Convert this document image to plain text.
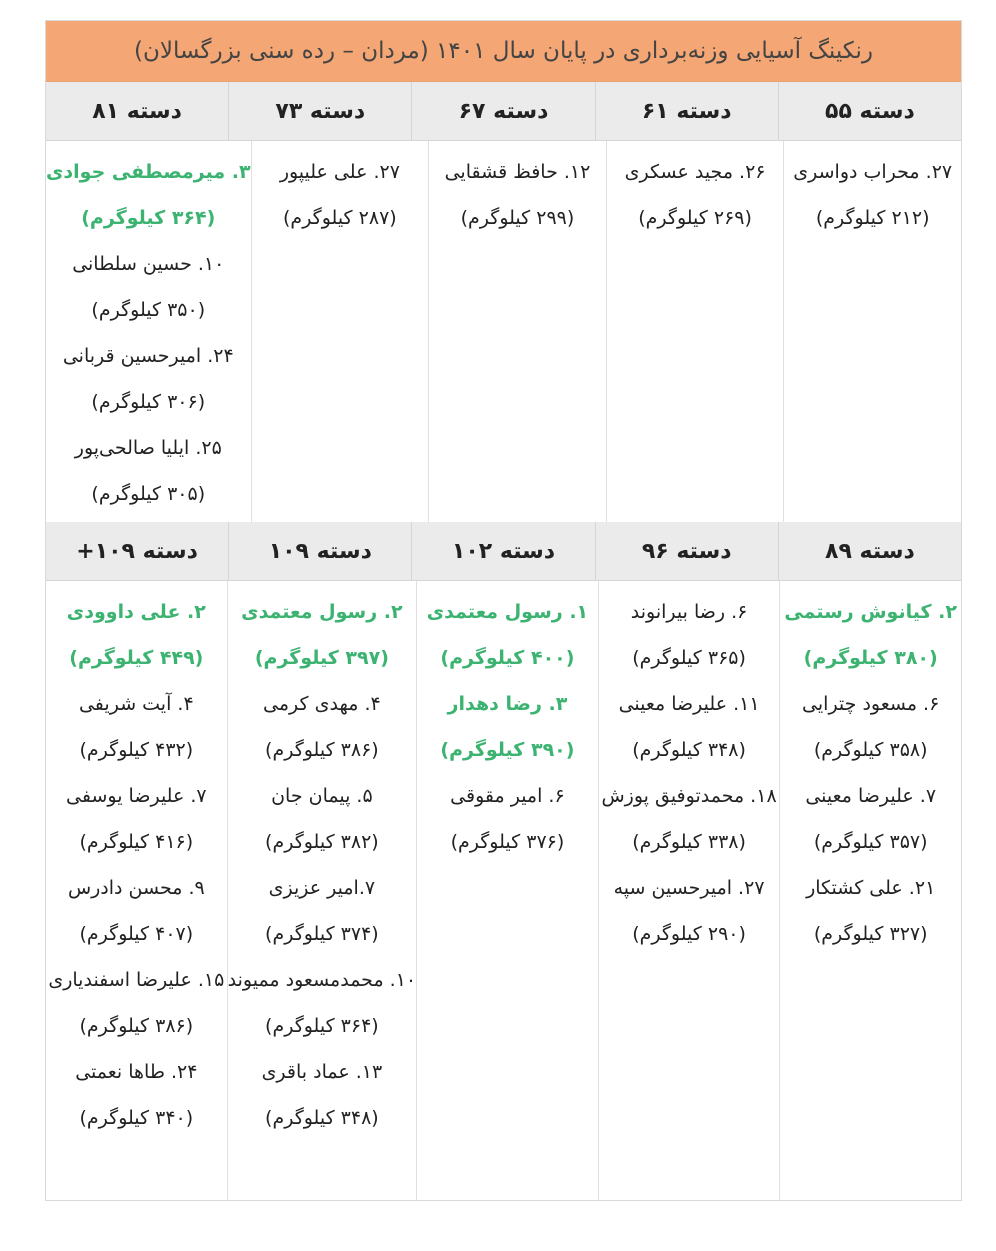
رنکینگ آسیایی وزنه‌برداری در پایان سال ۱۴۰۱ (مردان – رده سنی بزرگسالان)
دسته ۵۵
دسته ۶۱
دسته ۶۷
دسته ۷۳
دسته ۸۱
۲۷. محراب دواسری
(۲۱۲ کیلوگرم)
۲۶. مجید عسکری
(۲۶۹ کیلوگرم)
۱۲. حافظ قشقایی
(۲۹۹ کیلوگرم)
۲۷. علی علیپور
(۲۸۷ کیلوگرم)
۳. میرمصطفی جوادی
(۳۶۴ کیلوگرم)
۱۰. حسین سلطانی
(۳۵۰ کیلوگرم)
۲۴. امیرحسین قربانی
(۳۰۶ کیلوگرم)
۲۵. ایلیا صالحی‌پور
(۳۰۵ کیلوگرم)
دسته ۸۹
دسته ۹۶
دسته ۱۰۲
دسته ۱۰۹
دسته ۱۰۹+
۲. کیانوش رستمی
(۳۸۰ کیلوگرم)
۶. مسعود چترایی
(۳۵۸ کیلوگرم)
۷. علیرضا معینی
(۳۵۷ کیلوگرم)
۲۱. علی کشتکار
(۳۲۷ کیلوگرم)
۶. رضا بیرانوند
(۳۶۵ کیلوگرم)
۱۱. علیرضا معینی
(۳۴۸ کیلوگرم)
۱۸. محمدتوفیق پوزش
(۳۳۸ کیلوگرم)
۲۷. امیرحسین سپه
(۲۹۰ کیلوگرم)
۱. رسول معتمدی
(۴۰۰ کیلوگرم)
۳. رضا دهدار
(۳۹۰ کیلوگرم)
۶. امیر مقوقی
(۳۷۶ کیلوگرم)
۲. رسول معتمدی
(۳۹۷ کیلوگرم)
۴. مهدی کرمی
(۳۸۶ کیلوگرم)
۵. پیمان جان
(۳۸۲ کیلوگرم)
۷.امیر عزیزی
(۳۷۴ کیلوگرم)
۱۰. محمدمسعود ممیوند
(۳۶۴ کیلوگرم)
۱۳. عماد باقری
(۳۴۸ کیلوگرم)
۲. علی داوودی
(۴۴۹ کیلوگرم)
۴. آیت شریفی
(۴۳۲ کیلوگرم)
۷. علیرضا یوسفی
(۴۱۶ کیلوگرم)
۹. محسن دادرس
(۴۰۷ کیلوگرم)
۱۵. علیرضا اسفندیاری
(۳۸۶ کیلوگرم)
۲۴. طاها نعمتی
(۳۴۰ کیلوگرم)
